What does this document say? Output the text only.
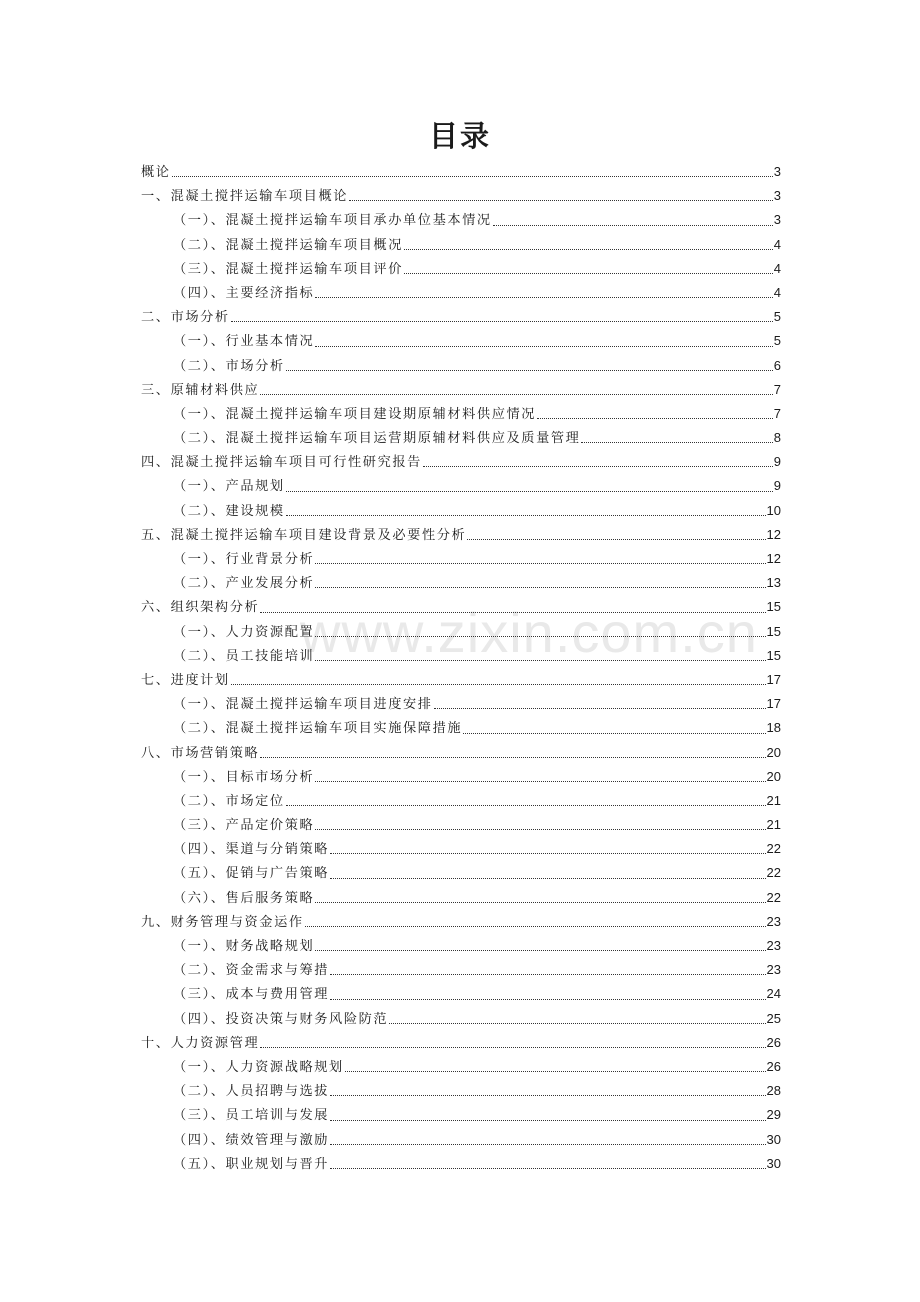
目录
www.zixin.com.cn
概论	3
一、混凝土搅拌运输车项目概论	3
（一）、混凝土搅拌运输车项目承办单位基本情况	3
（二）、混凝土搅拌运输车项目概况	4
（三）、混凝土搅拌运输车项目评价	4
（四）、主要经济指标	4
二、市场分析	5
（一）、行业基本情况	5
（二）、市场分析	6
三、原辅材料供应	7
（一）、混凝土搅拌运输车项目建设期原辅材料供应情况	7
（二）、混凝土搅拌运输车项目运营期原辅材料供应及质量管理	8
四、混凝土搅拌运输车项目可行性研究报告	9
（一）、产品规划	9
（二）、建设规模	10
五、混凝土搅拌运输车项目建设背景及必要性分析	12
（一）、行业背景分析	12
（二）、产业发展分析	13
六、组织架构分析	15
（一）、人力资源配置	15
（二）、员工技能培训	15
七、进度计划	17
（一）、混凝土搅拌运输车项目进度安排	17
（二）、混凝土搅拌运输车项目实施保障措施	18
八、市场营销策略	20
（一）、目标市场分析	20
（二）、市场定位	21
（三）、产品定价策略	21
（四）、渠道与分销策略	22
（五）、促销与广告策略	22
（六）、售后服务策略	22
九、财务管理与资金运作	23
（一）、财务战略规划	23
（二）、资金需求与筹措	23
（三）、成本与费用管理	24
（四）、投资决策与财务风险防范	25
十、人力资源管理	26
（一）、人力资源战略规划	26
（二）、人员招聘与选拔	28
（三）、员工培训与发展	29
（四）、绩效管理与激励	30
（五）、职业规划与晋升	30
